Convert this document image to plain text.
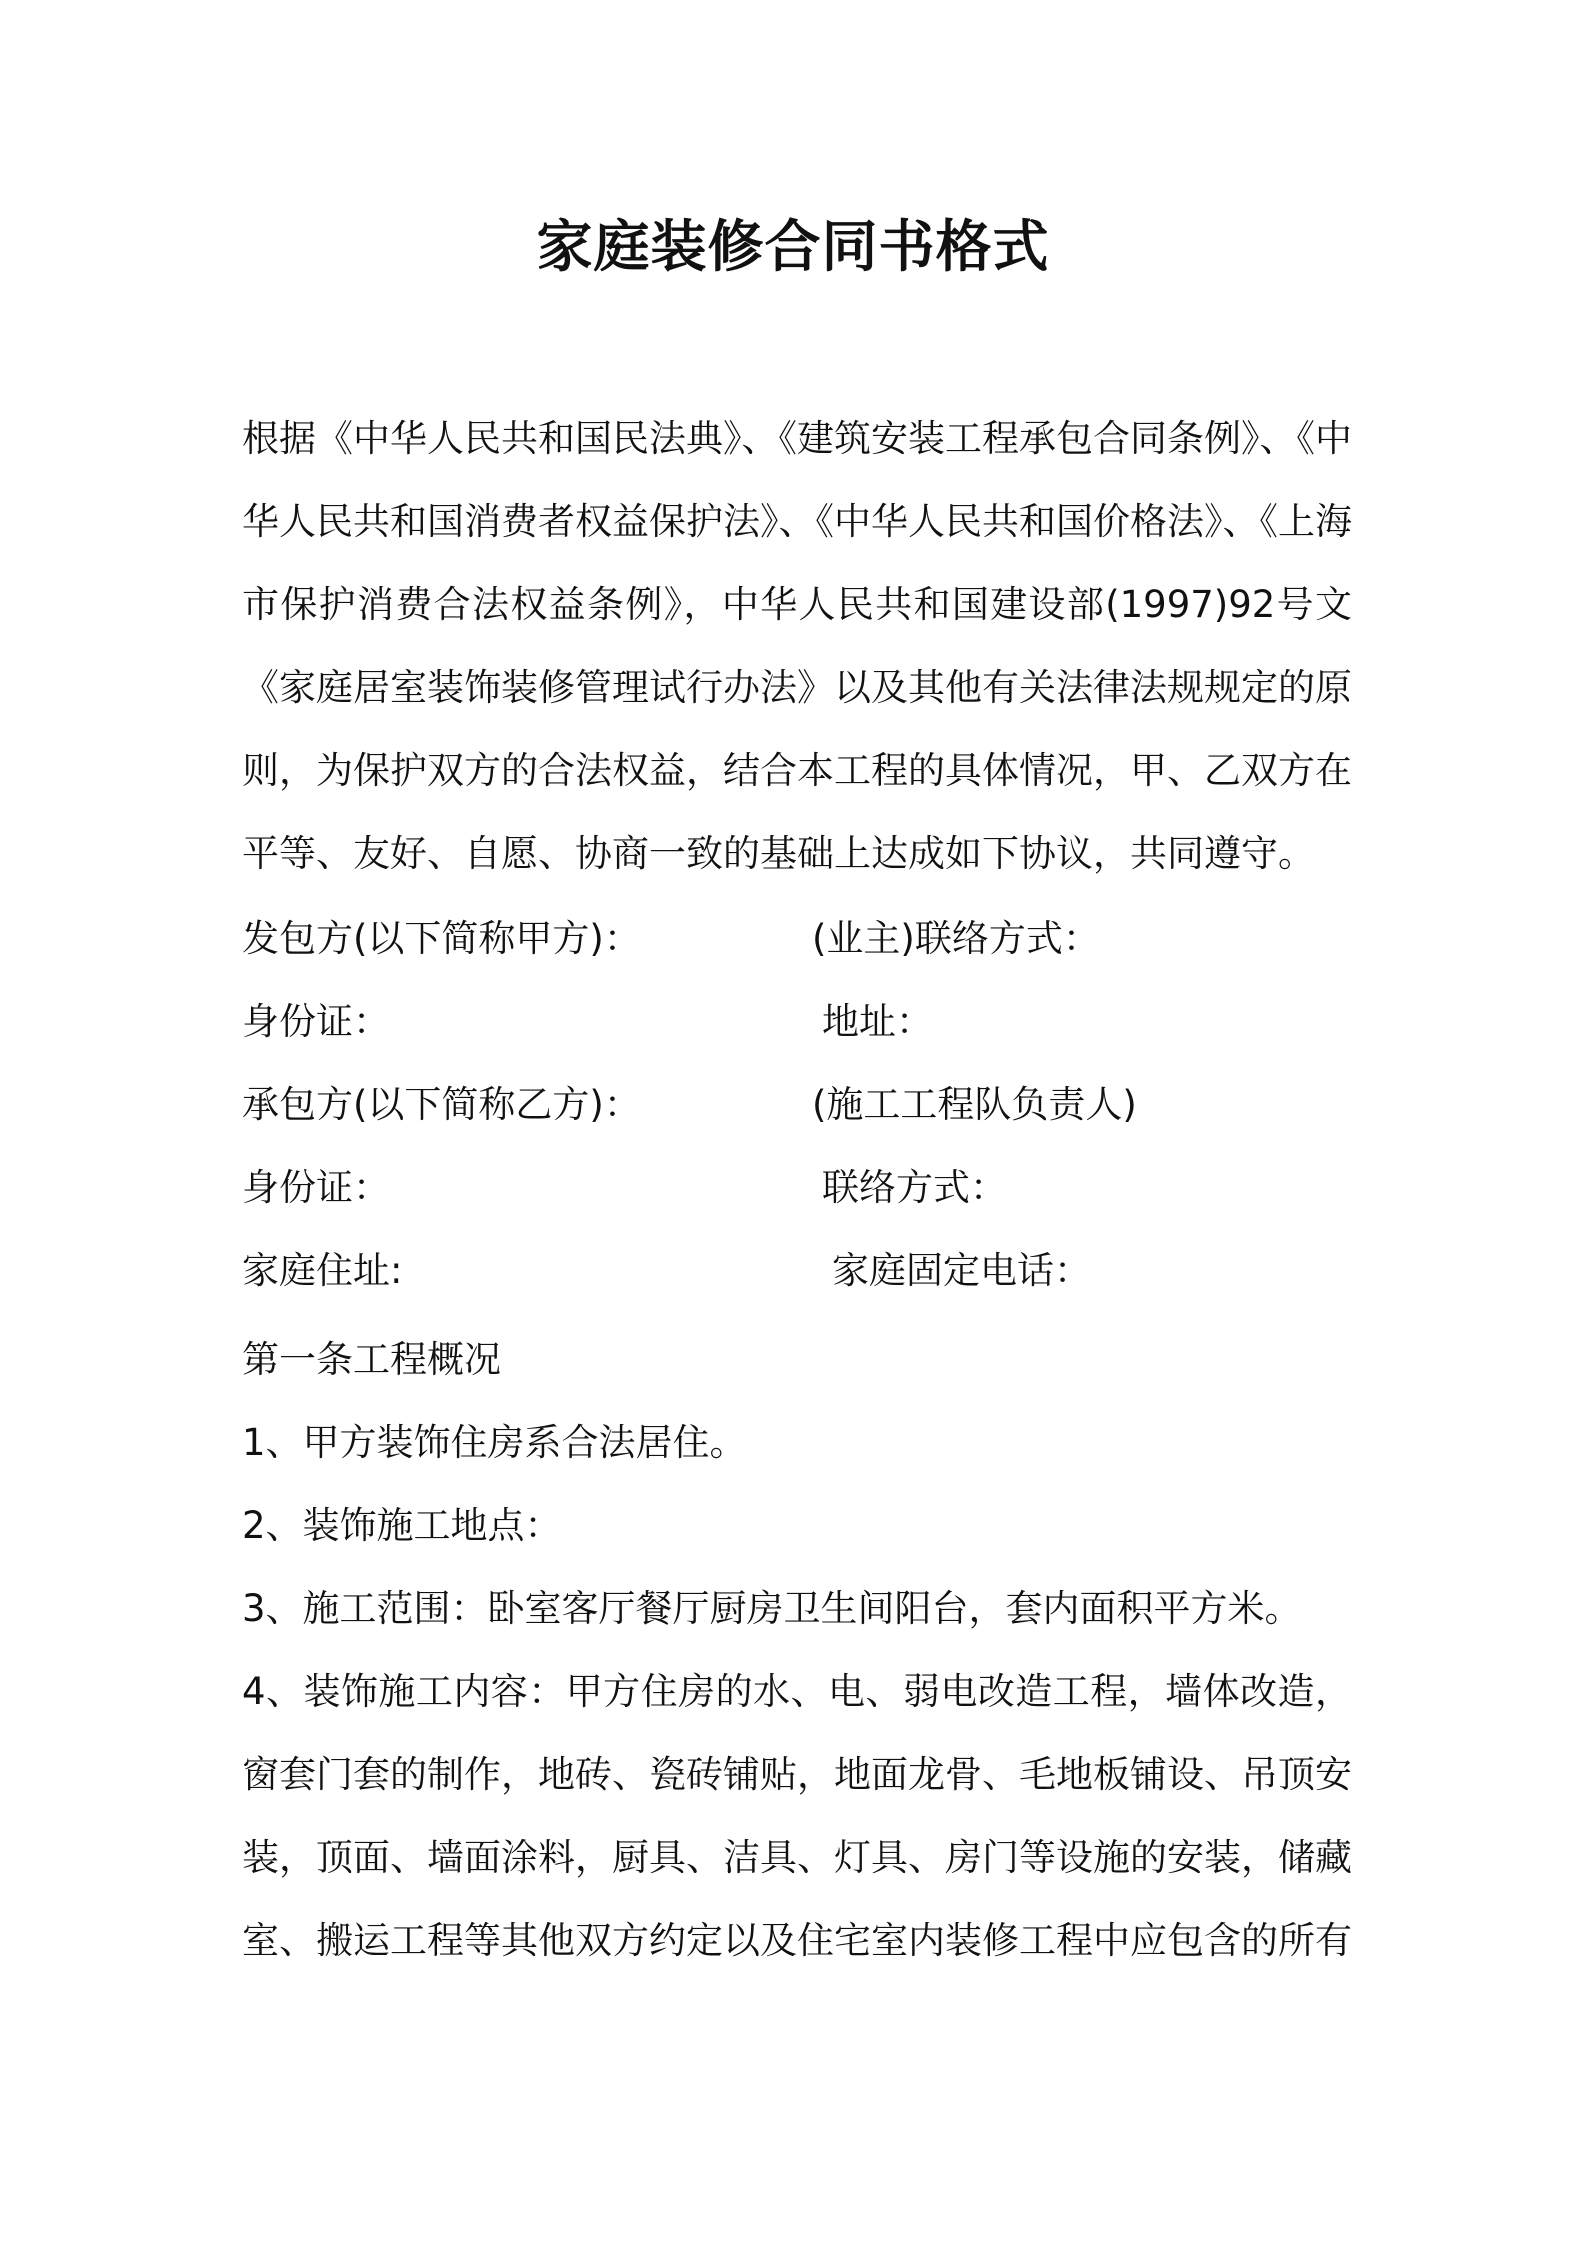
家庭装修合同书格式

根据《中华人民共和国民法典》、《建筑安装工程承包合同条例》、《中华人民共和国消费者权益保护法》、《中华人民共和国价格法》、《上海市保护消费合法权益条例》，中华人民共和国建设部(1997)92号文《家庭居室装饰装修管理试行办法》以及其他有关法律法规规定的原则，为保护双方的合法权益，结合本工程的具体情况，甲、乙双方在平等、友好、自愿、协商一致的基础上达成如下协议，共同遵守。

发包方(以下简称甲方)：	(业主)联络方式：
身份证：	地址：
承包方(以下简称乙方)：	(施工工程队负责人)
身份证：	联络方式：
家庭住址:	家庭固定电话：
第一条工程概况
1、甲方装饰住房系合法居住。
2、装饰施工地点：
3、施工范围：卧室客厅餐厅厨房卫生间阳台，套内面积平方米。

4、装饰施工内容：甲方住房的水、电、弱电改造工程，墙体改造，窗套门套的制作，地砖、瓷砖铺贴，地面龙骨、毛地板铺设、吊顶安装，顶面、墙面涂料，厨具、洁具、灯具、房门等设施的安装，储藏室、搬运工程等其他双方约定以及住宅室内装修工程中应包含的所有
